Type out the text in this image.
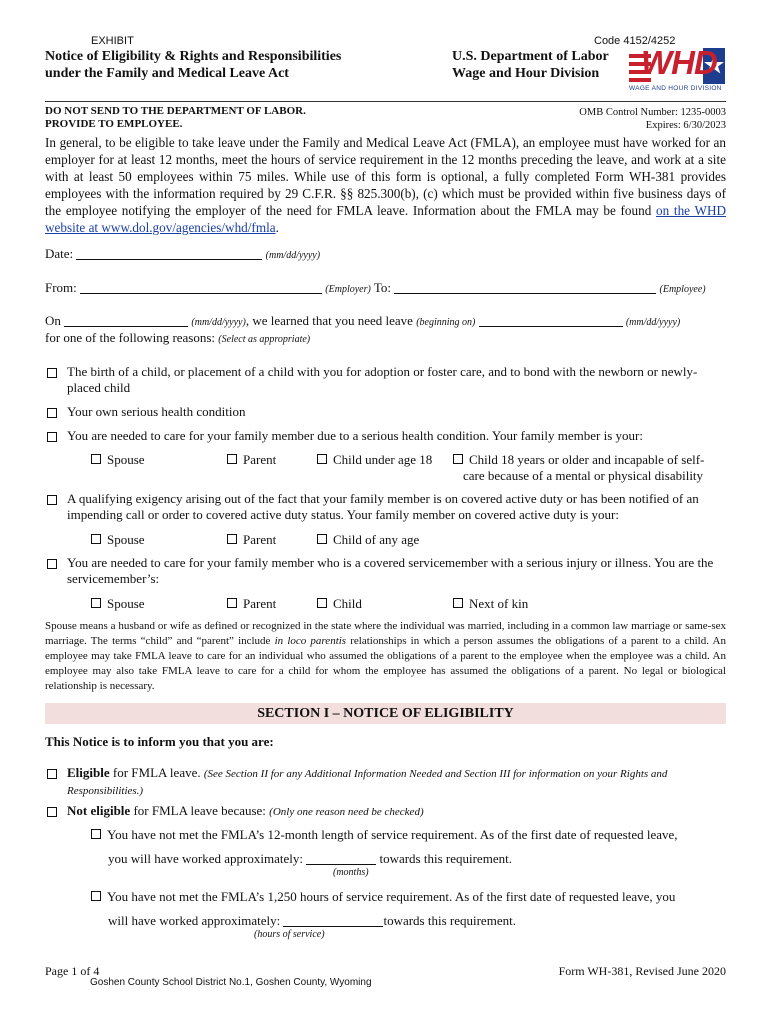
EXHIBIT	Code 4152/4252
Notice of Eligibility & Rights and Responsibilities
under the Family and Medical Leave Act
U.S. Department of Labor
Wage and Hour Division WHD
WAGE AND HOUR DIVISION
DO NOT SEND TO THE DEPARTMENT OF LABOR.
PROVIDE TO EMPLOYEE.
OMB Control Number: 1235-0003
Expires: 6/30/2023
In general, to be eligible to take leave under the Family and Medical Leave Act (FMLA), an employee must have worked for an employer for at least 12 months, meet the hours of service requirement in the 12 months preceding the leave, and work at a site with at least 50 employees within 75 miles. While use of this form is optional, a fully completed Form WH-381 provides employees with the information required by 29 C.F.R. §§ 825.300(b), (c) which must be provided within five business days of the employee notifying the employer of the need for FMLA leave. Information about the FMLA may be found on the WHD website at www.dol.gov/agencies/whd/fmla.
Date:	(mm/dd/yyyy)
From:	(Employer) To:	(Employee)
On	(mm/dd/yyyy), we learned that you need leave (beginning on)	(mm/dd/yyyy)
for one of the following reasons: (Select as appropriate)
The birth of a child, or placement of a child with you for adoption or foster care, and to bond with the newborn or newly-placed child
Your own serious health condition
You are needed to care for your family member due to a serious health condition. Your family member is your:
Spouse	Parent	Child under age 18	Child 18 years or older and incapable of self-
care because of a mental or physical disability
A qualifying exigency arising out of the fact that your family member is on covered active duty or has been notified of an impending call or order to covered active duty status. Your family member on covered active duty is your:
Spouse	Parent	Child of any age
You are needed to care for your family member who is a covered servicemember with a serious injury or illness. You are the servicemember’s:
Spouse	Parent	Child	Next of kin
Spouse means a husband or wife as defined or recognized in the state where the individual was married, including in a common law marriage or same-sex marriage. The terms “child” and “parent” include in loco parentis relationships in which a person assumes the obligations of a parent to a child. An employee may take FMLA leave to care for an individual who assumed the obligations of a parent to the employee when the employee was a child. An employee may also take FMLA leave to care for a child for whom the employee has assumed the obligations of a parent. No legal or biological relationship is necessary.
SECTION I – NOTICE OF ELIGIBILITY
This Notice is to inform you that you are:
Eligible for FMLA leave. (See Section II for any Additional Information Needed and Section III for information on your Rights and Responsibilities.)
Not eligible for FMLA leave because: (Only one reason need be checked)
You have not met the FMLA’s 12-month length of service requirement. As of the first date of requested leave,
you will have worked approximately:	towards this requirement.
(months)
You have not met the FMLA’s 1,250 hours of service requirement. As of the first date of requested leave, you
will have worked approximately:	towards this requirement.
(hours of service)
Page 1 of 4	Form WH-381, Revised June 2020
Goshen County School District No.1, Goshen County, Wyoming
